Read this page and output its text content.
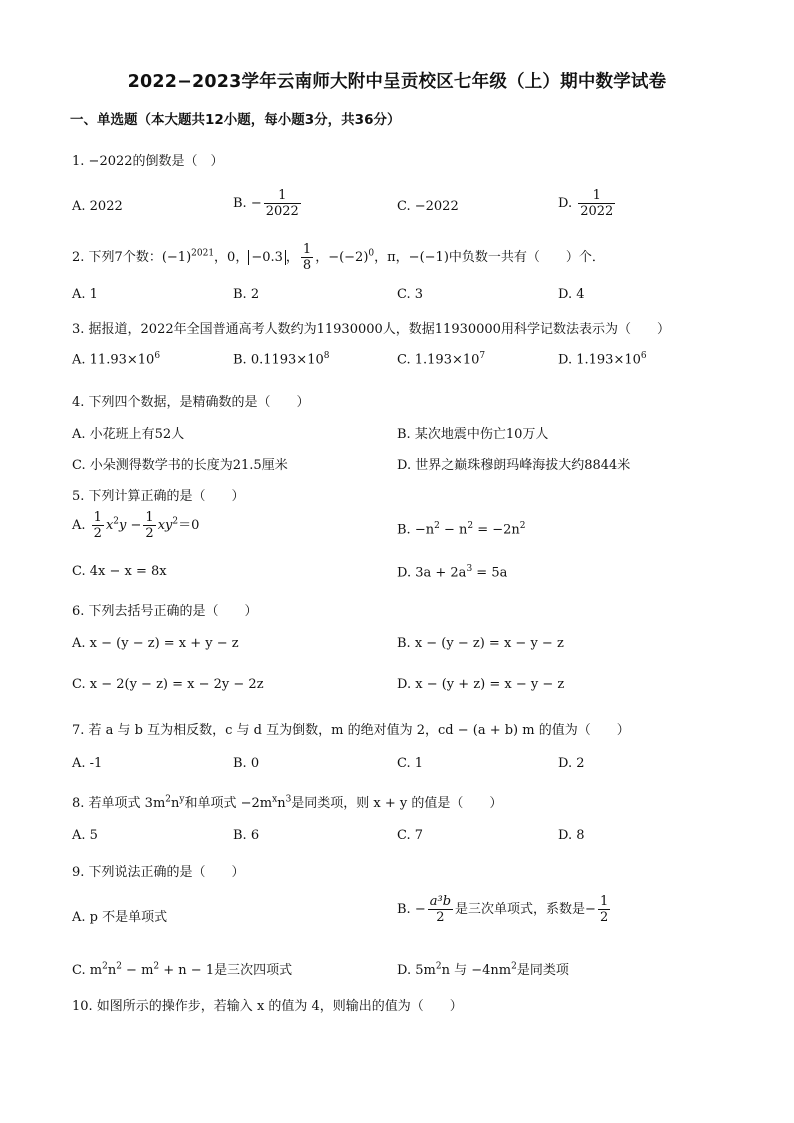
2022−2023学年云南师大附中呈贡校区七年级（上）期中数学试卷
一、单选题（本大题共12小题，每小题3分，共36分）
1. −2022的倒数是（　）
A. 2022	B. − $\frac{1}{2022}$	C. −2022	D. $\frac{1}{2022}$
2. 下列7个数：$(-1)^{2021}$，0， −0.3 ， $\frac{1}{8}$ ，$-(-2)^0$，π，−(−1)中负数一共有（　　）个．
A. 1	B. 2	C. 3	D. 4
3. 据报道，2022年全国普通高考人数约为11930000人，数据11930000用科学记数法表示为（　　）
A. $11.93\times 10^6$	B. $0.1193\times 10^8$	C. $1.193\times 10^7$	D. $1.193\times 10^6$
4. 下列四个数据，是精确数的是（　　）
A. 小花班上有52人	B. 某次地震中伤亡10万人
C. 小朵测得数学书的长度为21.5厘米	D. 世界之巅珠穆朗玛峰海拔大约8844米
5. 下列计算正确的是（　　）
A. $\frac{1}{2} x^2y - \frac{1}{2} xy^2=0$	B. $-n^2 - n^2 = -2n^2$
C. 4x − x = 8x	D. $3a + 2a^3 = 5a$
6. 下列去括号正确的是（　　）
A. x − (y − z) = x + y − z	B. x − (y − z) = x − y − z
C. x − 2(y − z) = x − 2y − 2z	D. x − (y + z) = x − y − z
7. 若 a 与 b 互为相反数，c 与 d 互为倒数，m 的绝对值为 2，cd − (a + b) m 的值为（　　）
A. -1	B. 0	C. 1	D. 2
8. 若单项式 $3m^2n^y$和单项式 $-2m^xn^3$是同类项，则 x + y 的值是（　　）
A. 5	B. 6	C. 7	D. 8
9. 下列说法正确的是（　　）
A. p 不是单项式
B. − $\frac{\text{a³b}}{2}$ 是三次单项式，系数是− $\frac{1}{2}$
C. $m^2n^2 - m^2 + n - 1$是三次四项式	D. $5m^2n$ 与 $-4nm^2$是同类项
10. 如图所示的操作步，若输入 x 的值为 4，则输出的值为（　　）
